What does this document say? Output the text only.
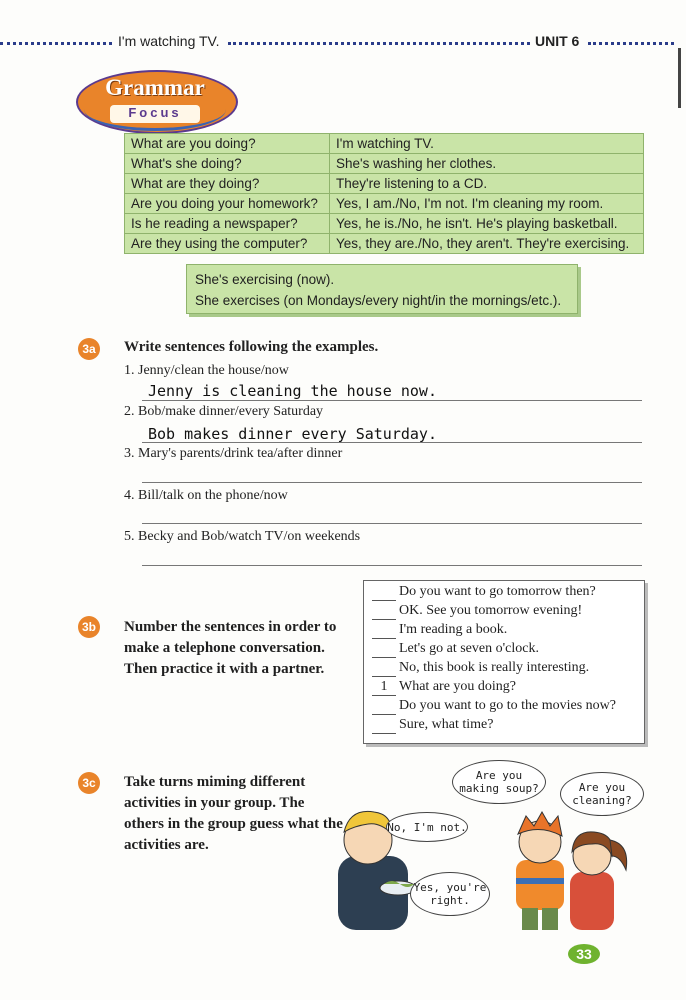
I'm watching TV.	UNIT 6
Grammar
Focus
What are you doing?	I'm watching TV.
What's she doing?	She's washing her clothes.
What are they doing?	They're listening to a CD.
Are you doing your homework?	Yes, I am./No, I'm not. I'm cleaning my room.
Is he reading a newspaper?	Yes, he is./No, he isn't. He's playing basketball.
Are they using the computer?	Yes, they are./No, they aren't. They're exercising.
She's exercising (now).
She exercises (on Mondays/every night/in the mornings/etc.).
3a Write sentences following the examples.
1. Jenny/clean the house/now
Jenny is cleaning the house now.
2. Bob/make dinner/every Saturday
Bob makes dinner every Saturday.
3. Mary's parents/drink tea/after dinner
4. Bill/talk on the phone/now
5. Becky and Bob/watch TV/on weekends
3b Number the sentences in order to make a telephone conversation. Then practice it with a partner.
Do you want to go tomorrow then?
OK. See you tomorrow evening!
I'm reading a book.
Let's go at seven o'clock.
No, this book is really interesting.
1 What are you doing?
Do you want to go to the movies now?
Sure, what time?
3c Take turns miming different activities in your group. The others in the group guess what the activities are.
Are you making soup?	Are you cleaning?
No, I'm not.
Yes, you're right.
33
